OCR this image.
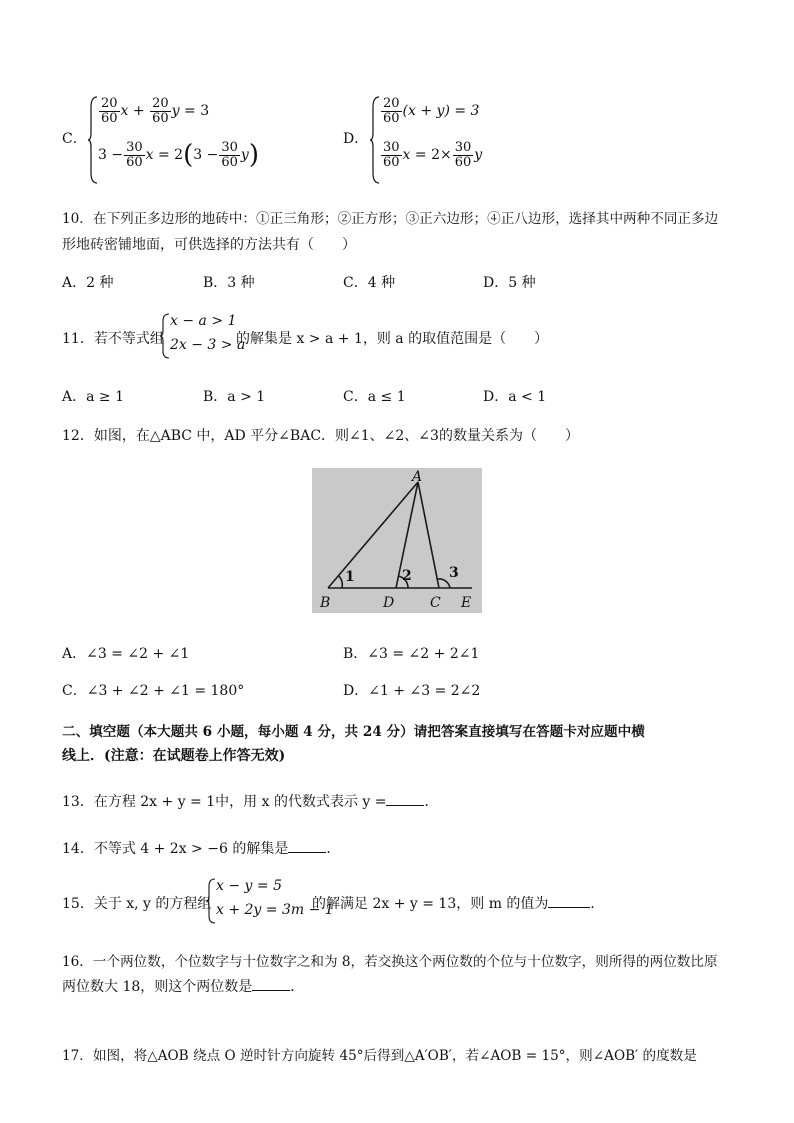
C．
$\frac{20}{60}$ x
+
$\frac{20}{60}$ y
= 3
$3 - \frac{30}{60}$ x
= 2 ( $3 - \frac{30}{60}$ y )
D．
$\frac{20}{60} (x + y) = 3$
$\frac{30}{60}$ x
= $2\times \frac{30}{60}$ y
10．在下列正多边形的地砖中：①正三角形；②正方形；③正六边形；④正八边形，选择其中两种不同正多边
形地砖密铺地面，可供选择的方法共有（　　）
A．2 种	B．3 种	C．4 种	D．5 种
11．若不等式组
x − a > 1
2x − 3 > a
的解集是 x > a + 1，则 a 的取值范围是（　　）
A．a ≥ 1	B．a > 1	C．a ≤ 1	D．a < 1
12．如图，在△ABC 中，AD 平分∠BAC．则∠1、∠2、∠3的数量关系为（　　）
A
B	D	C E
1	2	3
A．∠3 = ∠2 + ∠1	B．∠3 = ∠2 + 2∠1
C．∠3 + ∠2 + ∠1 = 180°	D．∠1 + ∠3 = 2∠2
二、填空题（本大题共 6 小题，每小题 4 分，共 24 分）请把答案直接填写在答题卡对应题中横
线上．(注意：在试题卷上作答无效)
13．在方程 2x + y = 1中，用 x 的代数式表示 y =	．
14．不等式 4 + 2x > −6 的解集是	．
15．关于 x, y 的方程组
x − y = 5
x + 2y = 3m − 1
的解满足 2x + y = 13，则 m 的值为	．
16．一个两位数，个位数字与十位数字之和为 8，若交换这个两位数的个位与十位数字，则所得的两位数比原
两位数大 18，则这个两位数是	．
17．如图，将△AOB 绕点 O 逆时针方向旋转 45°后得到△A′OB′，若∠AOB = 15°，则∠AOB′ 的度数是
